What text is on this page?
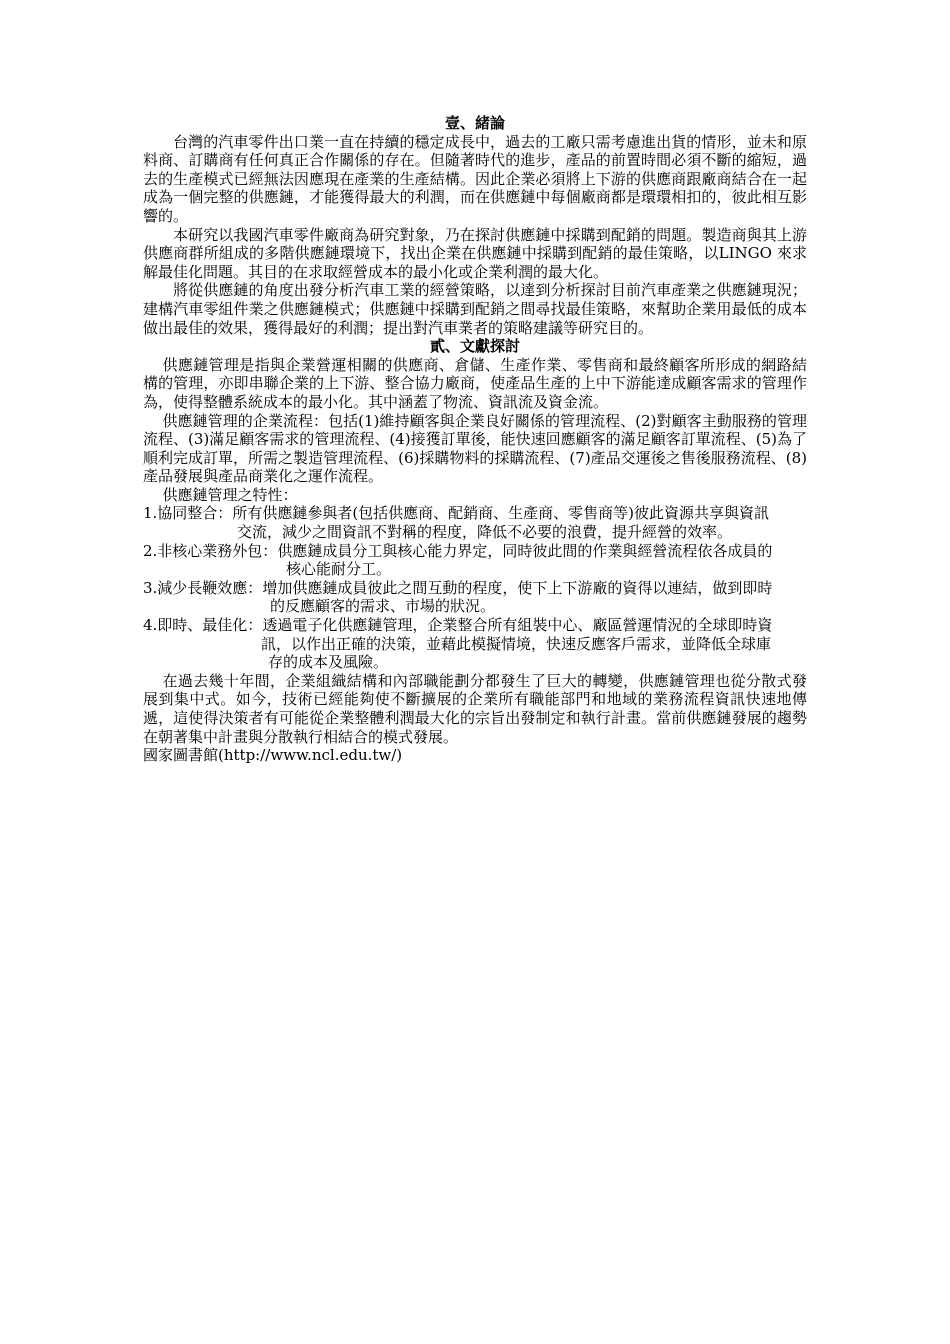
壹、緒論

台灣的汽車零件出口業一直在持續的穩定成長中，過去的工廠只需考慮進出貨的情形，並未和原料商、訂購商有任何真正合作關係的存在。但隨著時代的進步，產品的前置時間必須不斷的縮短，過去的生產模式已經無法因應現在產業的生產結構。因此企業必須將上下游的供應商跟廠商結合在一起成為一個完整的供應鏈，才能獲得最大的利潤，而在供應鏈中每個廠商都是環環相扣的，彼此相互影響的。

本研究以我國汽車零件廠商為研究對象，乃在探討供應鏈中採購到配銷的問題。製造商與其上游供應商群所組成的多階供應鏈環境下，找出企業在供應鏈中採購到配銷的最佳策略，以LINGO 來求解最佳化問題。其目的在求取經營成本的最小化或企業利潤的最大化。

將從供應鏈的角度出發分析汽車工業的經營策略，以達到分析探討目前汽車產業之供應鏈現況；建構汽車零組件業之供應鏈模式；供應鏈中採購到配銷之間尋找最佳策略，來幫助企業用最低的成本做出最佳的效果，獲得最好的利潤；提出對汽車業者的策略建議等研究目的。

貳、文獻探討

供應鏈管理是指與企業營運相關的供應商、倉儲、生產作業、零售商和最終顧客所形成的網路結構的管理，亦即串聯企業的上下游、整合協力廠商，使產品生產的上中下游能達成顧客需求的管理作為，使得整體系統成本的最小化。其中涵蓋了物流、資訊流及資金流。

供應鏈管理的企業流程：包括(1)維持顧客與企業良好關係的管理流程、(2)對顧客主動服務的管理流程、(3)滿足顧客需求的管理流程、(4)接獲訂單後，能快速回應顧客的滿足顧客訂單流程、(5)為了順利完成訂單，所需之製造管理流程、(6)採購物料的採購流程、(7)產品交運後之售後服務流程、(8)產品發展與產品商業化之運作流程。

供應鏈管理之特性：

1.協同整合： 所有供應鏈參與者(包括供應商、配銷商、生產商、零售商等)彼此資源共享與資訊

交流，減少之間資訊不對稱的程度，降低不必要的浪費，提升經營的效率。

2.非核心業務外包： 供應鏈成員分工與核心能力界定，同時彼此間的作業與經營流程依各成員的

核心能耐分工。

3.減少長鞭效應： 增加供應鏈成員彼此之間互動的程度，使下上下游廠的資得以連結，做到即時

的反應顧客的需求、市場的狀況。

4.即時、最佳化： 透過電子化供應鏈管理，企業整合所有組裝中心、廠區營運情況的全球即時資

訊，以作出正確的決策，並藉此模擬情境，快速反應客戶需求，並降低全球庫

存的成本及風險。

在過去幾十年間，企業組織結構和內部職能劃分都發生了巨大的轉變，供應鏈管理也從分散式發展到集中式。如今，技術已經能夠使不斷擴展的企業所有職能部門和地域的業務流程資訊快速地傳遞，這使得決策者有可能從企業整體利潤最大化的宗旨出發制定和執行計畫。當前供應鏈發展的趨勢在朝著集中計畫與分散執行相結合的模式發展。

國家圖書館(http://www.ncl.edu.tw/)
